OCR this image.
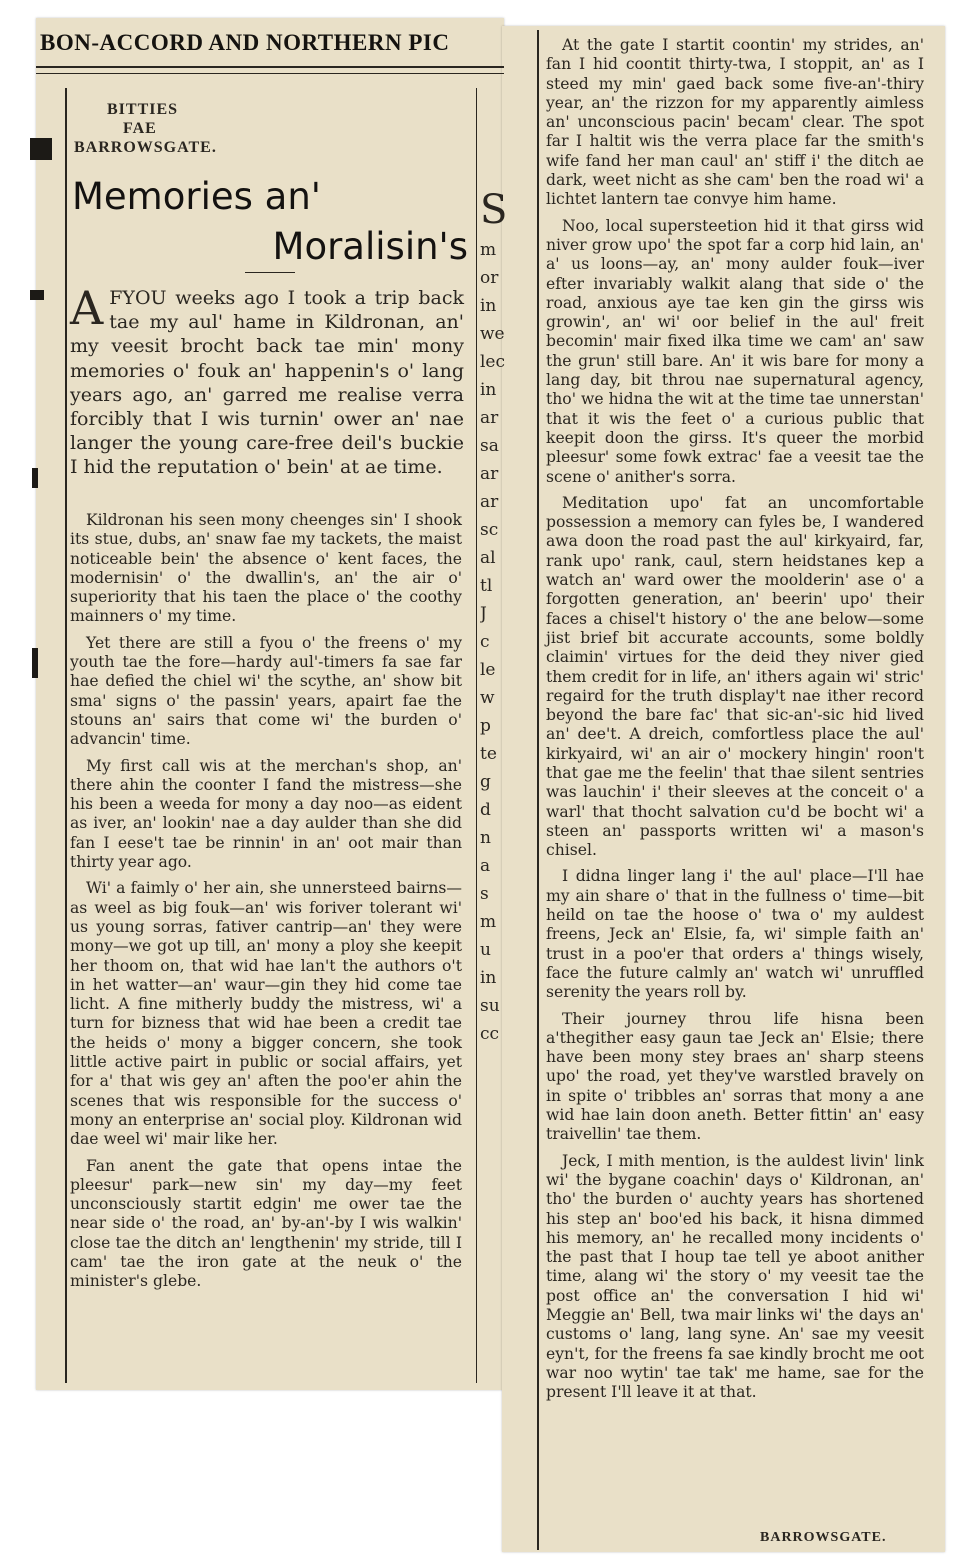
BON-ACCORD AND NORTHERN PIC
BITTIES
FAE
BARROWSGATE.
Memories an'
Moralisin's
A FYOU weeks ago I took a trip back tae my aul' hame in Kildronan, an' my veesit brocht back tae min' mony memories o' fouk an' happenin's o' lang years ago, an' garred me realise verra forcibly that I wis turnin' ower an' nae langer the young care-free deil's buckie I hid the reputation o' bein' at ae time.

Kildronan his seen mony cheenges sin' I shook its stue, dubs, an' snaw fae my tackets, the maist noticeable bein' the absence o' kent faces, the modernisin' o' the dwallin's, an' the air o' superiority that his taen the place o' the coothy mainners o' my time.

Yet there are still a fyou o' the freens o' my youth tae the fore—hardy aul'-timers fa sae far hae defied the chiel wi' the scythe, an' show bit sma' signs o' the passin' years, apairt fae the stouns an' sairs that come wi' the burden o' advancin' time.

My first call wis at the merchan's shop, an' there ahin the coonter I fand the mistress—she his been a weeda for mony a day noo—as eident as iver, an' lookin' nae a day aulder than she did fan I eese't tae be rinnin' in an' oot mair than thirty year ago.

Wi' a faimly o' her ain, she unnersteed bairns—as weel as big fouk—an' wis foriver tolerant wi' us young sorras, fativer cantrip—an' they were mony—we got up till, an' mony a ploy she keepit her thoom on, that wid hae lan't the authors o't in het watter—an' waur—gin they hid come tae licht. A fine mitherly buddy the mistress, wi' a turn for bizness that wid hae been a credit tae the heids o' mony a bigger concern, she took little active pairt in public or social affairs, yet for a' that wis gey an' aften the poo'er ahin the scenes that wis responsible for the success o' mony an enterprise an' social ploy. Kildronan wid dae weel wi' mair like her.

Fan anent the gate that opens intae the pleesur' park—new sin' my day—my feet unconsciously startit edgin' me ower tae the near side o' the road, an' by-an'-by I wis walkin' close tae the ditch an' lengthenin' my stride, till I cam' tae the iron gate at the neuk o' the minister's glebe.

S
m
or
in
we
lec
in
ar
sa
ar
ar
sc
al
tl
J
c
le
w
p
te
g
d
n
a
s
m
u
in
su
cc

At the gate I startit coontin' my strides, an' fan I hid coontit thirty-twa, I stoppit, an' as I steed my min' gaed back some five-an'-thiry year, an' the rizzon for my apparently aimless an' unconscious pacin' becam' clear. The spot far I haltit wis the verra place far the smith's wife fand her man caul' an' stiff i' the ditch ae dark, weet nicht as she cam' ben the road wi' a lichtet lantern tae convye him hame.

Noo, local supersteetion hid it that girss wid niver grow upo' the spot far a corp hid lain, an' a' us loons—ay, an' mony aulder fouk—iver efter invariably walkit alang that side o' the road, anxious aye tae ken gin the girss wis growin', an' wi' oor belief in the aul' freit becomin' mair fixed ilka time we cam' an' saw the grun' still bare. An' it wis bare for mony a lang day, bit throu nae supernatural agency, tho' we hidna the wit at the time tae unnerstan' that it wis the feet o' a curious public that keepit doon the girss. It's queer the morbid pleesur' some fowk extrac' fae a veesit tae the scene o' anither's sorra.

Meditation upo' fat an uncomfortable possession a memory can fyles be, I wandered awa doon the road past the aul' kirkyaird, far, rank upo' rank, caul, stern heidstanes kep a watch an' ward ower the moolderin' ase o' a forgotten generation, an' beerin' upo' their faces a chisel't history o' the ane below—some jist brief bit accurate accounts, some boldly claimin' virtues for the deid they niver gied them credit for in life, an' ithers again wi' stric' regaird for the truth display't nae ither record beyond the bare fac' that sic-an'-sic hid lived an' dee't. A dreich, comfortless place the aul' kirkyaird, wi' an air o' mockery hingin' roon't that gae me the feelin' that thae silent sentries was lauchin' i' their sleeves at the conceit o' a warl' that thocht salvation cu'd be bocht wi' a steen an' passports written wi' a mason's chisel.

I didna linger lang i' the aul' place—I'll hae my ain share o' that in the fullness o' time—bit heild on tae the hoose o' twa o' my auldest freens, Jeck an' Elsie, fa, wi' simple faith an' trust in a poo'er that orders a' things wisely, face the future calmly an' watch wi' unruffled serenity the years roll by.

Their journey throu life hisna been a'thegither easy gaun tae Jeck an' Elsie; there have been mony stey braes an' sharp steens upo' the road, yet they've warstled bravely on in spite o' tribbles an' sorras that mony a ane wid hae lain doon aneth. Better fittin' an' easy traivellin' tae them.

Jeck, I mith mention, is the auldest livin' link wi' the bygane coachin' days o' Kildronan, an' tho' the burden o' auchty years has shortened his step an' boo'ed his back, it hisna dimmed his memory, an' he recalled mony incidents o' the past that I houp tae tell ye aboot anither time, alang wi' the story o' my veesit tae the post office an' the conversation I hid wi' Meggie an' Bell, twa mair links wi' the days an' customs o' lang, lang syne. An' sae my veesit eyn't, for the freens fa sae kindly brocht me oot war noo wytin' tae tak' me hame, sae for the present I'll leave it at that.

BARROWSGATE.
